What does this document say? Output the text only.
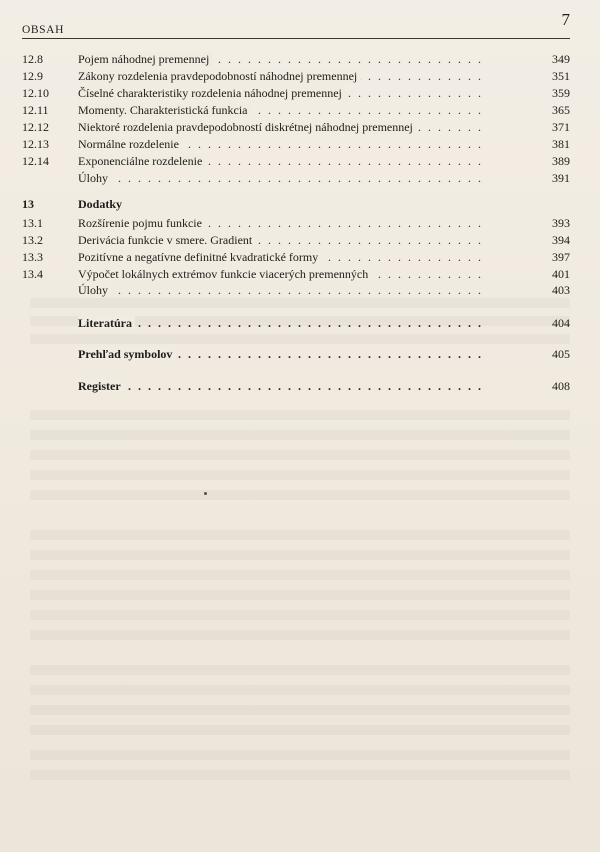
OBSAH
7
12.8	Pojem náhodnej premennej . . .	349
12.9	Zákony rozdelenia pravdepodobností náhodnej premennej . . .	351
12.10 Číselné charakteristiky rozdelenia náhodnej premennej . . .	359
12.11 Momenty. Charakteristická funkcia . . .	365
12.12 Niektoré rozdelenia pravdepodobností diskrétnej náhodnej premennej . . .	371
12.13 Normálne rozdelenie . . .	381
12.14 Exponenciálne rozdelenie . . .	389
Úlohy . . .	391
13	Dodatky
13.1	Rozšírenie pojmu funkcie . . .	393
13.2	Derivácia funkcie v smere. Gradient . . .	394
13.3	Pozitívne a negatívne definitné kvadratické formy . . .	397
13.4	Výpočet lokálnych extrémov funkcie viacerých premenných . . .	401
Úlohy . . .	403
Literatúra . . .	404
Prehľad symbolov . . .	405
Register . . .	408
